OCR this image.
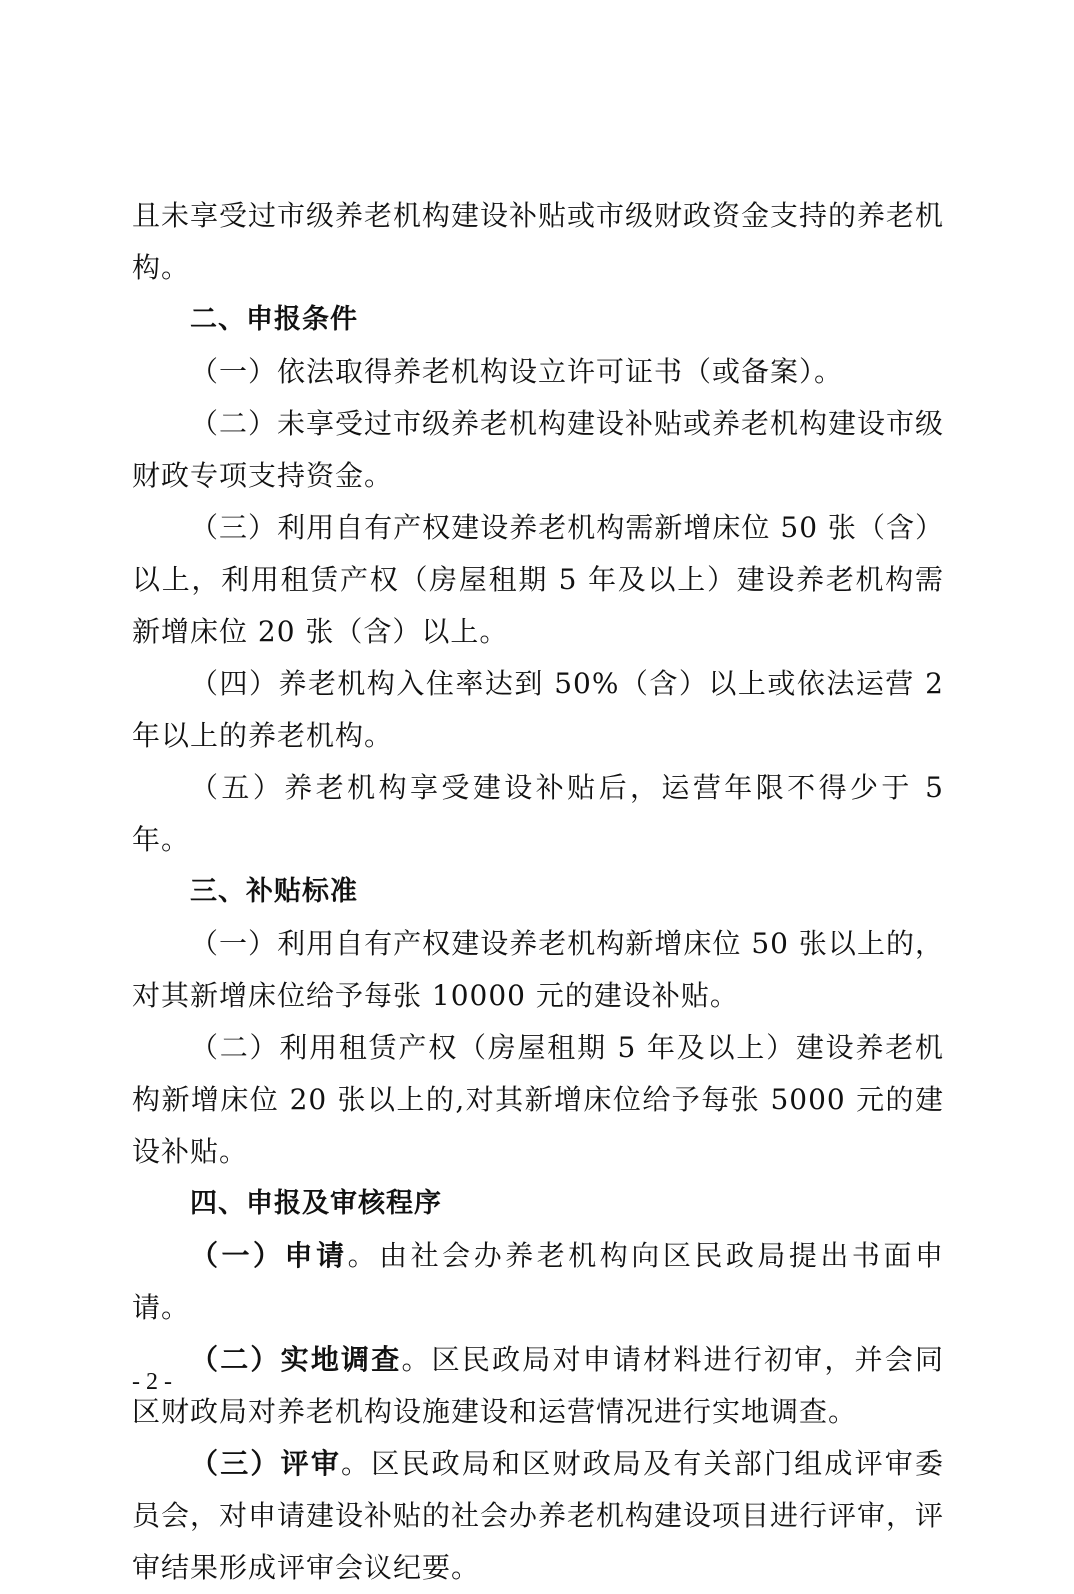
且未享受过市级养老机构建设补贴或市级财政资金支持的养老机构。

二、申报条件

（一）依法取得养老机构设立许可证书（或备案）。

（二）未享受过市级养老机构建设补贴或养老机构建设市级财政专项支持资金。

（三）利用自有产权建设养老机构需新增床位 50 张（含）以上，利用租赁产权（房屋租期 5 年及以上）建设养老机构需新增床位 20 张（含）以上。

（四）养老机构入住率达到 50%（含）以上或依法运营 2 年以上的养老机构。

（五）养老机构享受建设补贴后，运营年限不得少于 5 年。

三、补贴标准

（一）利用自有产权建设养老机构新增床位 50 张以上的，对其新增床位给予每张 10000 元的建设补贴。

（二）利用租赁产权（房屋租期 5 年及以上）建设养老机构新增床位 20 张以上的,对其新增床位给予每张 5000 元的建设补贴。

四、申报及审核程序

（一）申请。由社会办养老机构向区民政局提出书面申请。

（二）实地调查。区民政局对申请材料进行初审，并会同区财政局对养老机构设施建设和运营情况进行实地调查。

（三）评审。区民政局和区财政局及有关部门组成评审委员会，对申请建设补贴的社会办养老机构建设项目进行评审，评审结果形成评审会议纪要。

- 2 -
